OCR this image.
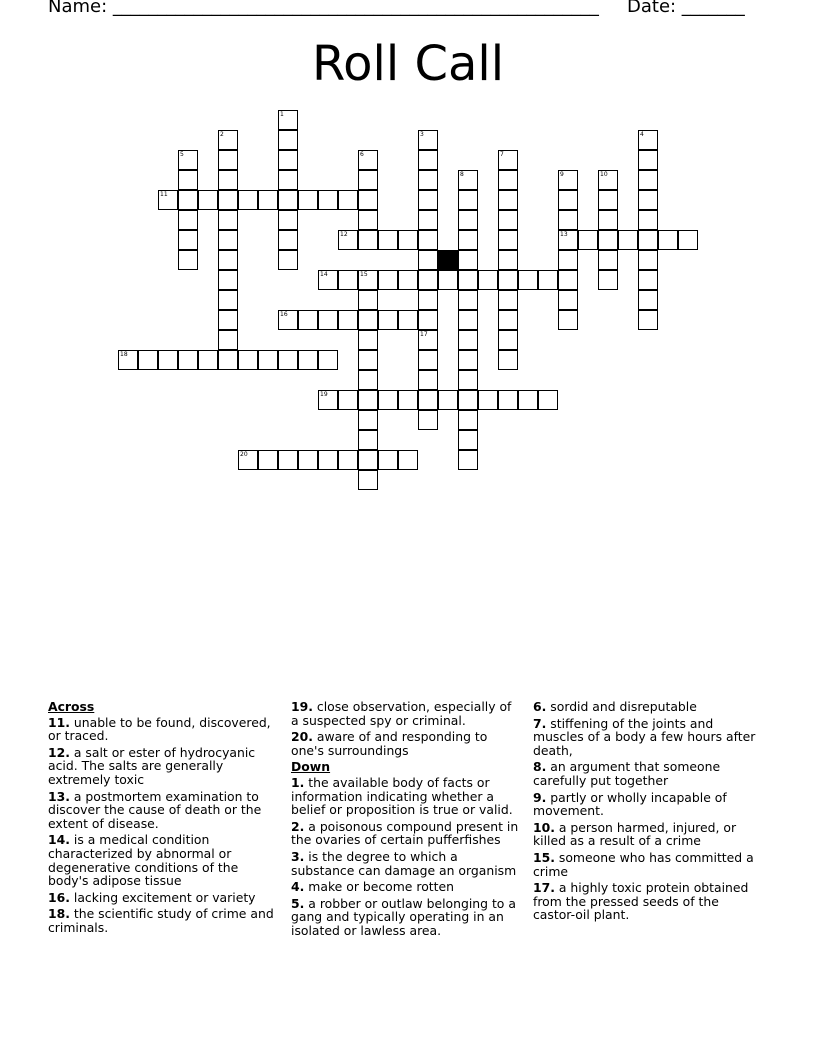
Name: ______________________________________________________ Date: _______
Roll Call
11
12	13
14	15
16
18
19
20
1
2	3
17
4
5	6	7
8	9	10
Across
11. unable to be found, discovered, or traced.
12. a salt or ester of hydrocyanic acid. The salts are generally extremely toxic
13. a postmortem examination to discover the cause of death or the extent of disease.
14. is a medical condition characterized by abnormal or degenerative conditions of the body's adipose tissue
16. lacking excitement or variety
18. the scientific study of crime and criminals.
19. close observation, especially of a suspected spy or criminal.
20. aware of and responding to one's surroundings
Down
1. the available body of facts or information indicating whether a belief or proposition is true or valid.
2. a poisonous compound present in the ovaries of certain pufferfishes
3. is the degree to which a substance can damage an organism
4. make or become rotten
5. a robber or outlaw belonging to a gang and typically operating in an isolated or lawless area.
6. sordid and disreputable
7. stiffening of the joints and muscles of a body a few hours after death,
8. an argument that someone carefully put together
9. partly or wholly incapable of movement.
10. a person harmed, injured, or killed as a result of a crime
15. someone who has committed a crime
17. a highly toxic protein obtained from the pressed seeds of the castor-oil plant.
